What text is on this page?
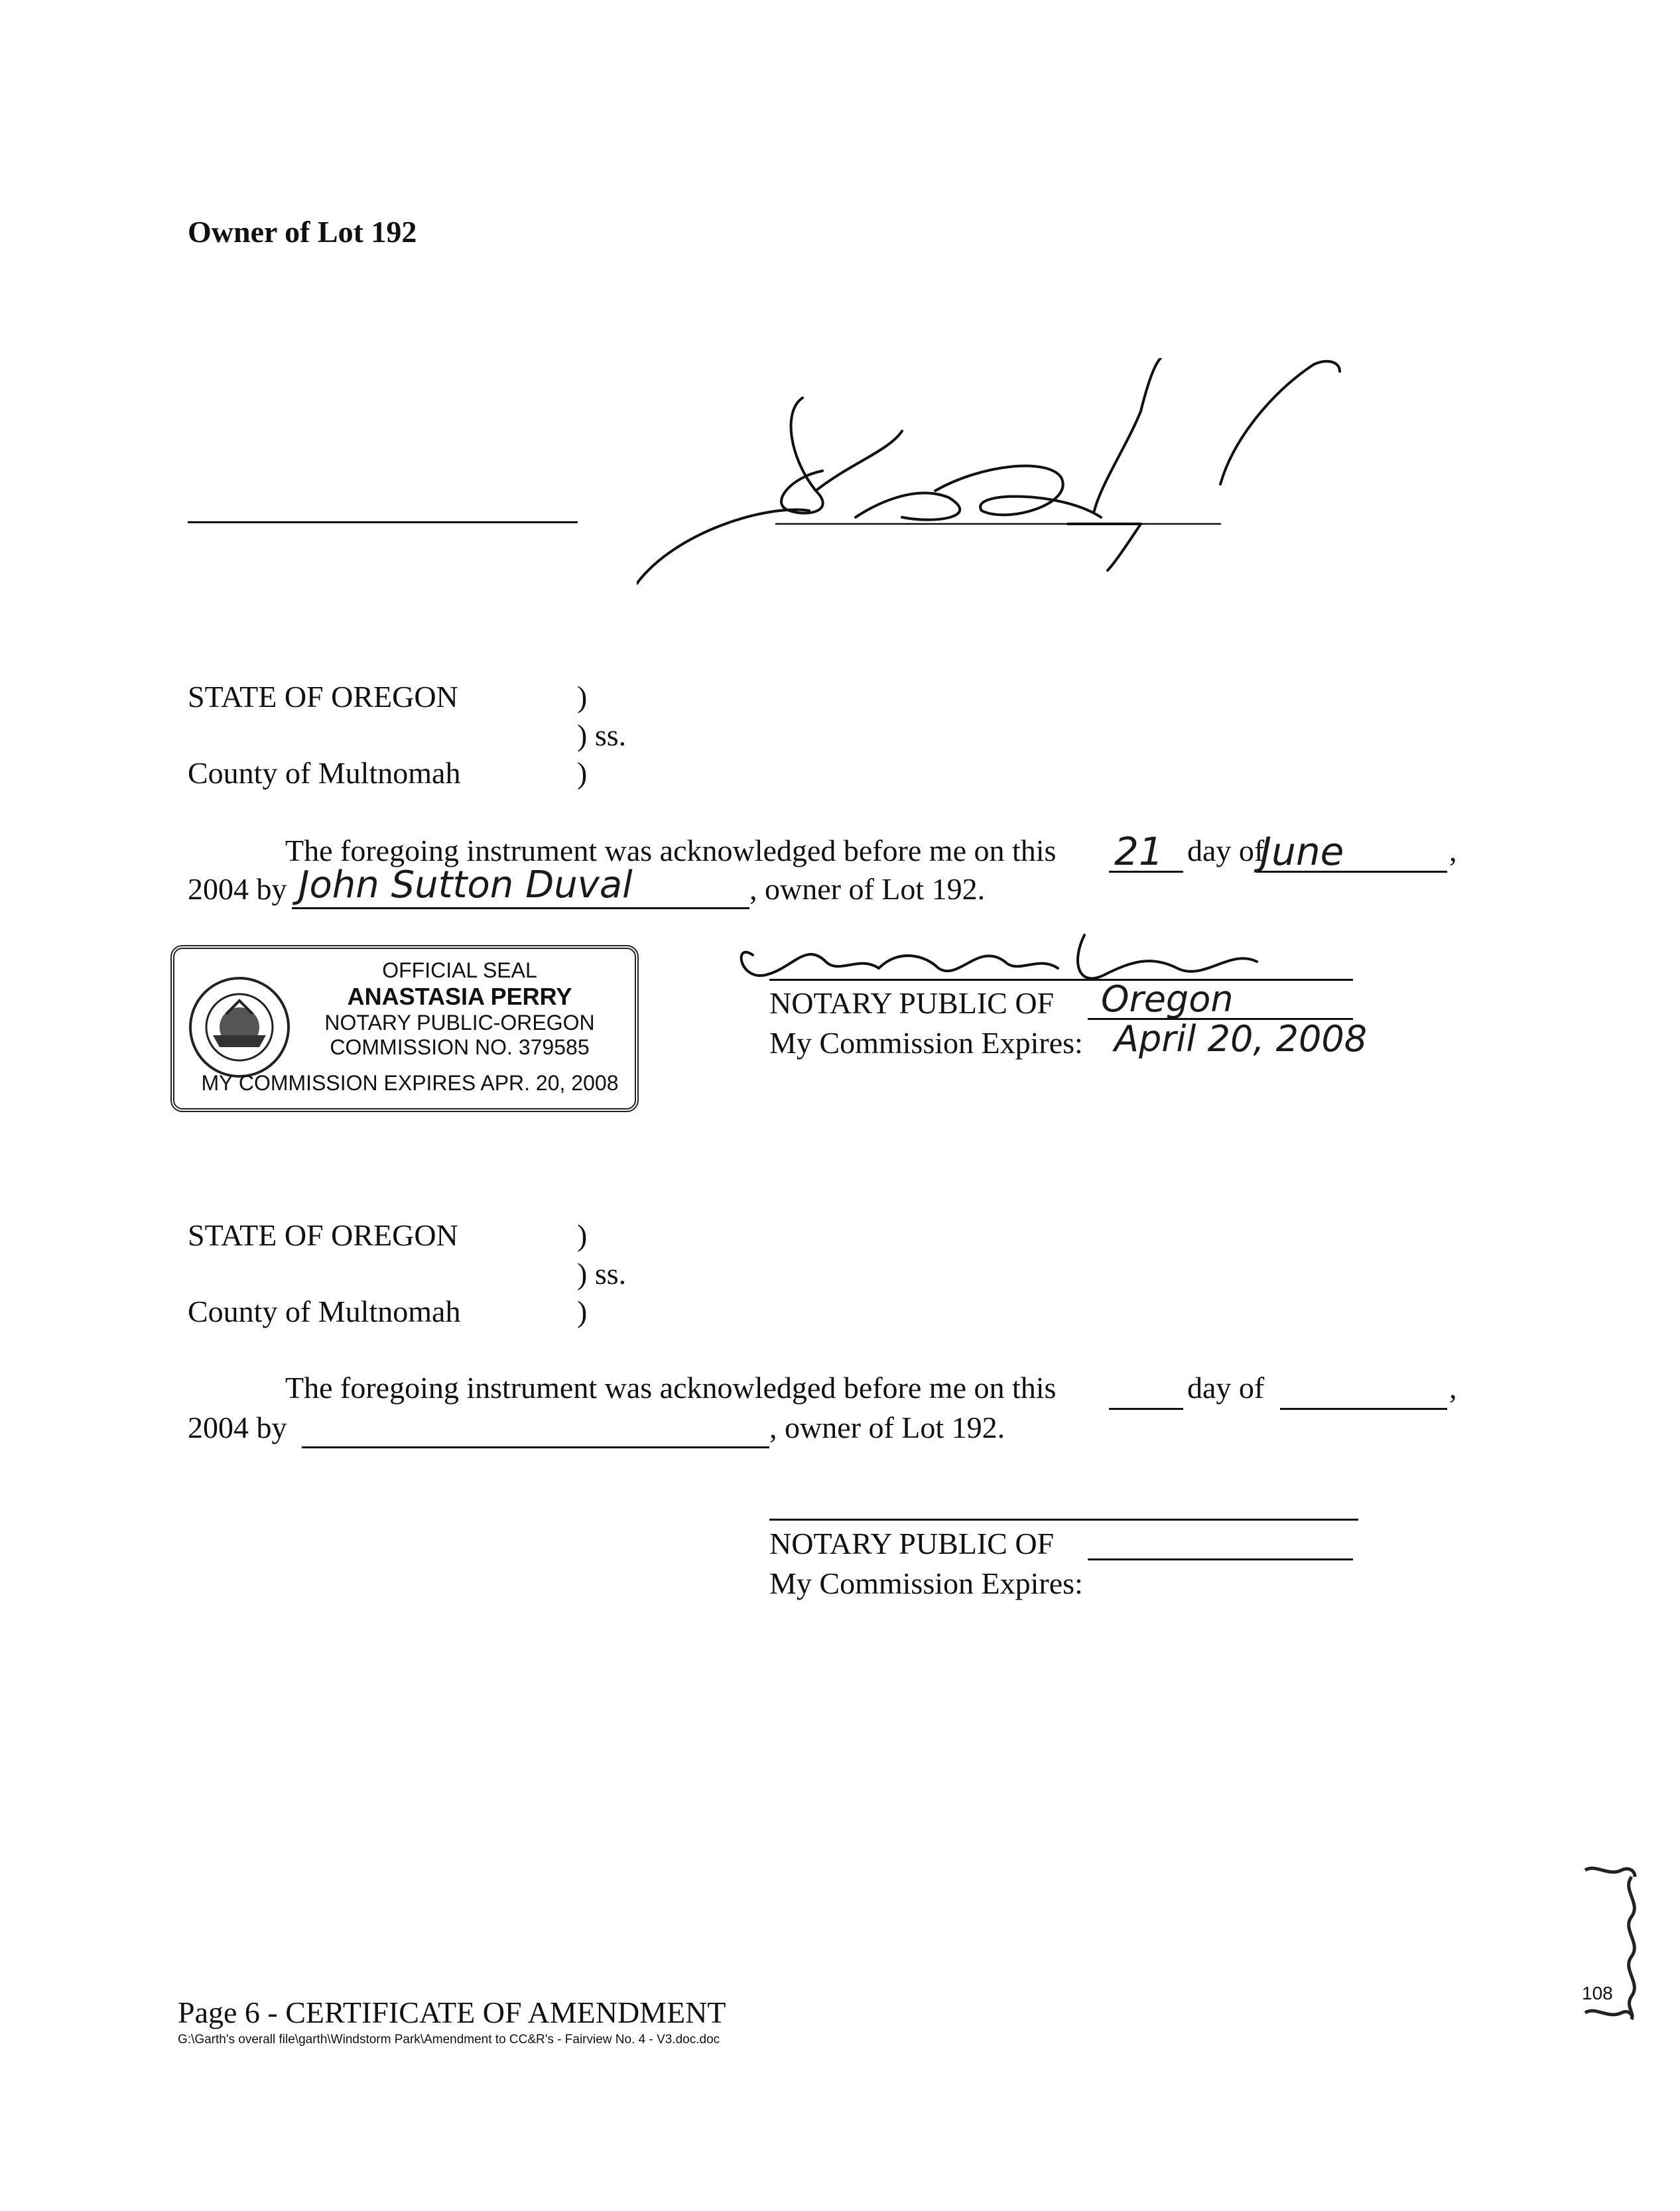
Owner of Lot 192
STATE OF OREGON	)
) ss.
County of Multnomah	)
The foregoing instrument was acknowledged before me on this 21 day of
June	,
2004 by John Sutton Duval	, owner of Lot 192.
OFFICIAL SEAL
ANASTASIA PERRY
NOTARY PUBLIC-OREGON
COMMISSION NO. 379585
MY COMMISSION EXPIRES APR. 20, 2008
NOTARY PUBLIC OF Oregon
My Commission Expires: April 20, 2008
STATE OF OREGON	)
) ss.
County of Multnomah	)
The foregoing instrument was acknowledged before me on this	day of	,
2004 by	, owner of Lot 192.
NOTARY PUBLIC OF
My Commission Expires:
108
Page 6 - CERTIFICATE OF AMENDMENT
G:\Garth's overall file\garth\Windstorm Park\Amendment to CC&R's - Fairview No. 4 - V3.doc.doc
